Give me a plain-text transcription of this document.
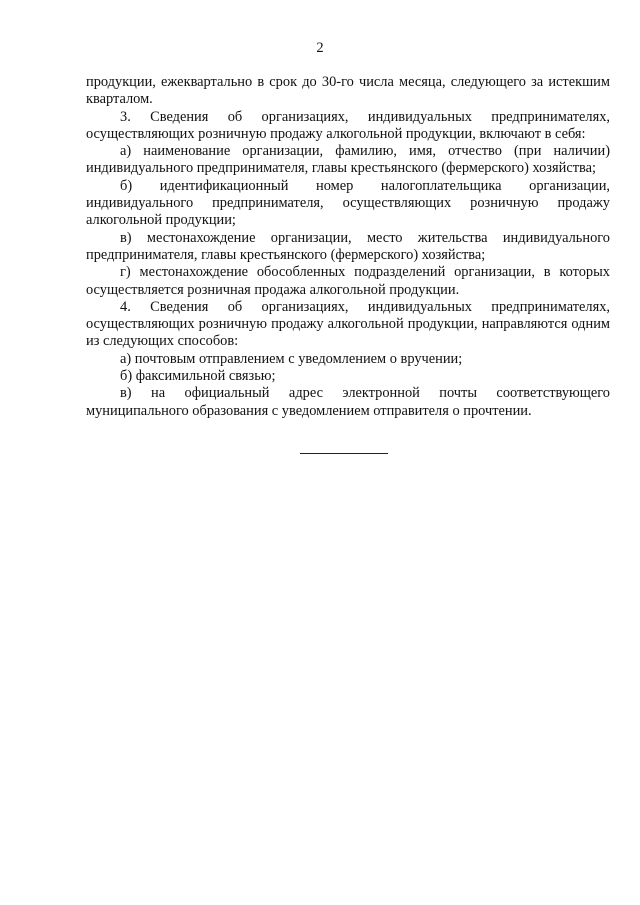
2

продукции, ежеквартально в срок до 30-го числа месяца, следующего за истекшим кварталом.

3. Сведения об организациях, индивидуальных предпринимателях, осуществляющих розничную продажу алкогольной продукции, включают в себя:

а) наименование организации, фамилию, имя, отчество (при наличии) индивидуального предпринимателя, главы крестьянского (фермерского) хозяйства;

б) идентификационный номер налогоплательщика организации, индивидуального предпринимателя, осуществляющих розничную продажу алкогольной продукции;

в) местонахождение организации, место жительства индивидуального предпринимателя, главы крестьянского (фермерского) хозяйства;

г) местонахождение обособленных подразделений организации, в которых осуществляется розничная продажа алкогольной продукции.

4. Сведения об организациях, индивидуальных предпринимателях, осуществляющих розничную продажу алкогольной продукции, направляются одним из следующих способов:

а) почтовым отправлением с уведомлением о вручении;

б) факсимильной связью;

в) на официальный адрес электронной почты соответствующего муниципального образования с уведомлением отправителя о прочтении.
